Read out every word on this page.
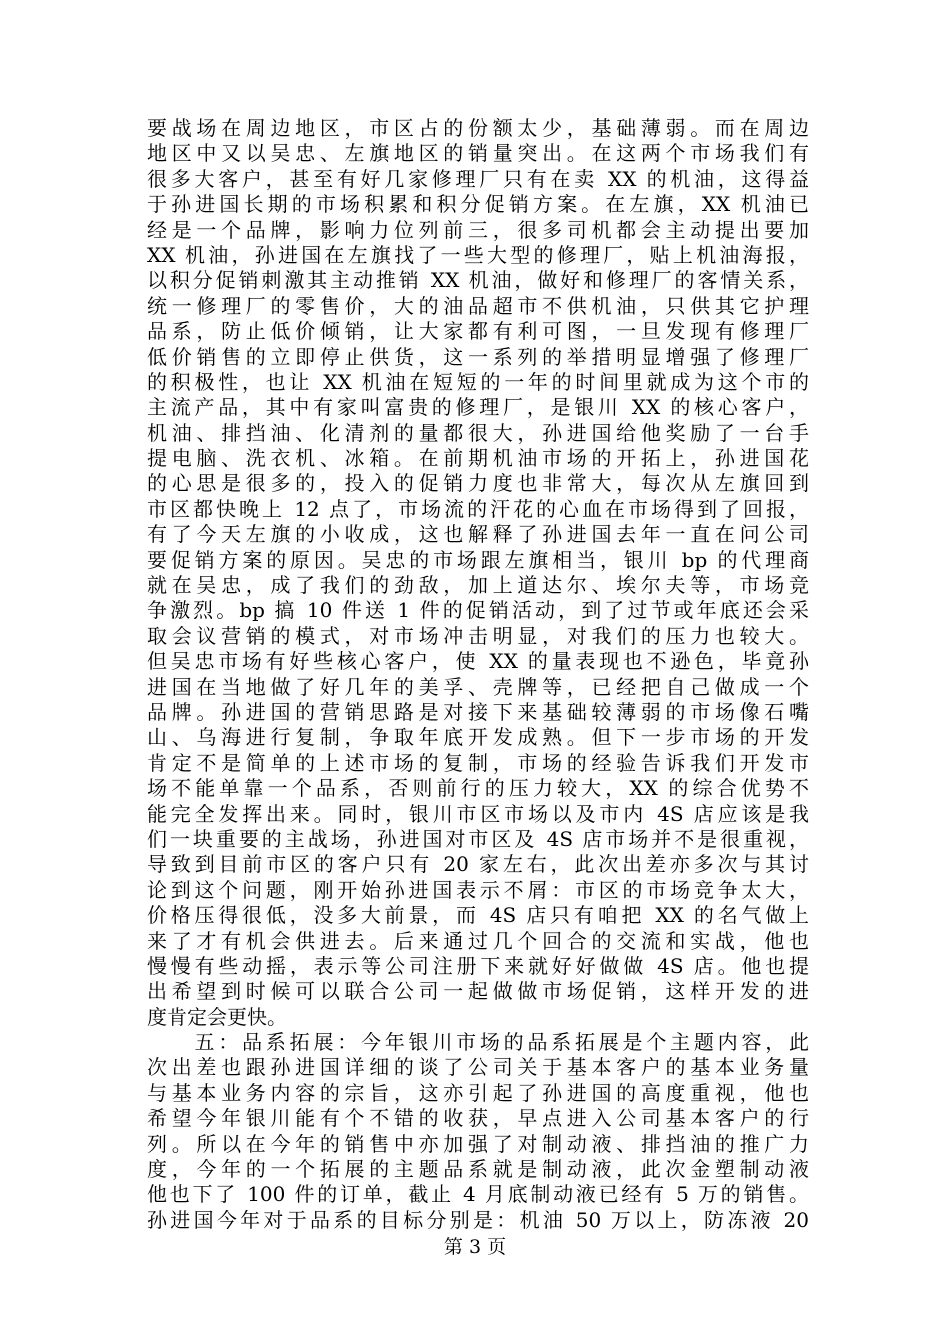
要战场在周边地区，市区占的份额太少，基础薄弱。而在周边
地区中又以吴忠、左旗地区的销量突出。在这两个市场我们有
很多大客户，甚至有好几家修理厂只有在卖 XX 的机油，这得益
于孙进国长期的市场积累和积分促销方案。在左旗，XX 机油已
经是一个品牌，影响力位列前三，很多司机都会主动提出要加
XX 机油，孙进国在左旗找了一些大型的修理厂，贴上机油海报，
以积分促销刺激其主动推销 XX 机油，做好和修理厂的客情关系，
统一修理厂的零售价，大的油品超市不供机油，只供其它护理
品系，防止低价倾销，让大家都有利可图，一旦发现有修理厂
低价销售的立即停止供货，这一系列的举措明显增强了修理厂
的积极性，也让 XX 机油在短短的一年的时间里就成为这个市的
主流产品，其中有家叫富贵的修理厂，是银川 XX 的核心客户，
机油、排挡油、化清剂的量都很大，孙进国给他奖励了一台手
提电脑、洗衣机、冰箱。在前期机油市场的开拓上，孙进国花
的心思是很多的，投入的促销力度也非常大，每次从左旗回到
市区都快晚上 12 点了，市场流的汗花的心血在市场得到了回报，
有了今天左旗的小收成，这也解释了孙进国去年一直在问公司
要促销方案的原因。吴忠的市场跟左旗相当，银川 bp 的代理商
就在吴忠，成了我们的劲敌，加上道达尔、埃尔夫等，市场竞
争激烈。bp 搞 10 件送 1 件的促销活动，到了过节或年底还会采
取会议营销的模式，对市场冲击明显，对我们的压力也较大。
但吴忠市场有好些核心客户，使 XX 的量表现也不逊色，毕竟孙
进国在当地做了好几年的美孚、壳牌等，已经把自己做成一个
品牌。孙进国的营销思路是对接下来基础较薄弱的市场像石嘴
山、乌海进行复制，争取年底开发成熟。但下一步市场的开发
肯定不是简单的上述市场的复制，市场的经验告诉我们开发市
场不能单靠一个品系，否则前行的压力较大，XX 的综合优势不
能完全发挥出来。同时，银川市区市场以及市内 4S 店应该是我
们一块重要的主战场，孙进国对市区及 4S 店市场并不是很重视，
导致到目前市区的客户只有 20 家左右，此次出差亦多次与其讨
论到这个问题，刚开始孙进国表示不屑：市区的市场竞争太大，
价格压得很低，没多大前景，而 4S 店只有咱把 XX 的名气做上
来了才有机会供进去。后来通过几个回合的交流和实战，他也
慢慢有些动摇，表示等公司注册下来就好好做做 4S 店。他也提
出希望到时候可以联合公司一起做做市场促销，这样开发的进
度肯定会更快。
　　五：品系拓展：今年银川市场的品系拓展是个主题内容，此
次出差也跟孙进国详细的谈了公司关于基本客户的基本业务量
与基本业务内容的宗旨，这亦引起了孙进国的高度重视，他也
希望今年银川能有个不错的收获，早点进入公司基本客户的行
列。所以在今年的销售中亦加强了对制动液、排挡油的推广力
度，今年的一个拓展的主题品系就是制动液，此次金塑制动液
他也下了 100 件的订单，截止 4 月底制动液已经有 5 万的销售。
孙进国今年对于品系的目标分别是：机油 50 万以上，防冻液 20
第 3 页
